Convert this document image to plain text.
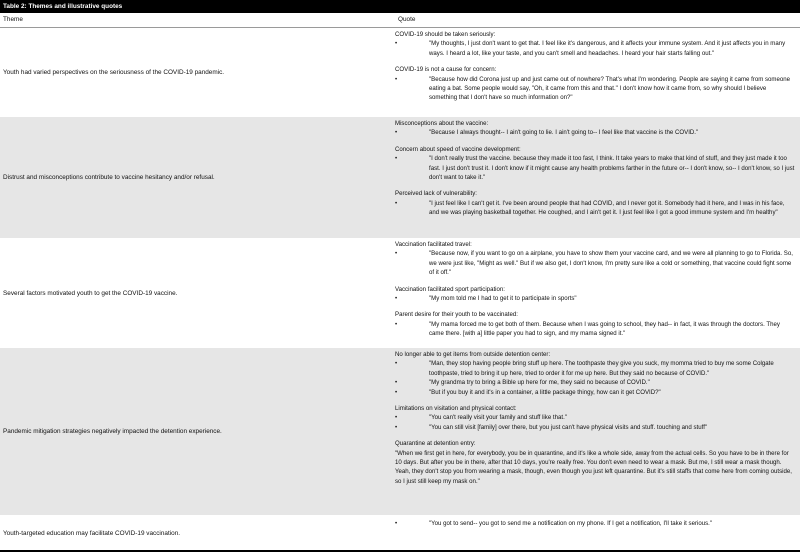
Table 2: Themes and illustrative quotes
Theme	Quote
Youth had varied perspectives on the seriousness of the COVID-19 pandemic.
COVID-19 should be taken seriously:
• "My thoughts, I just don't want to get that. I feel like it's dangerous, and it affects your immune system. And it just affects you in many ways. I heard a lot, like your taste, and you can't smell and headaches. I heard your hair starts falling out."
COVID-19 is not a cause for concern:
• "Because how did Corona just up and just came out of nowhere? That's what I'm wondering. People are saying it came from someone eating a bat. Some people would say, "Oh, it came from this and that." I don't know how it came from, so why should I believe something that I don't have so much information on?"
Distrust and misconceptions contribute to vaccine hesitancy and/or refusal.
Misconceptions about the vaccine:
• "Because I always thought-- I ain't going to lie. I ain't going to-- I feel like that vaccine is the COVID."
Concern about speed of vaccine development:
• "I don't really trust the vaccine. because they made it too fast, I think. It take years to make that kind of stuff, and they just made it too fast. I just don't trust it. I don't know if it might cause any health problems farther in the future or-- I don't know, so-- I don't know, so I just don't want to take it."
Perceived lack of vulnerability:
• "I just feel like I can't get it. I've been around people that had COVID, and I never got it. Somebody had it here, and I was in his face, and we was playing basketball together. He coughed, and I ain't get it. I just feel like I got a good immune system and I'm healthy"
Several factors motivated youth to get the COVID-19 vaccine.
Vaccination facilitated travel:
• "Because now, if you want to go on a airplane, you have to show them your vaccine card, and we were all planning to go to Florida. So, we were just like, "Might as well." But if we also get, I don't know, I'm pretty sure like a cold or something, that vaccine could fight some of it off."
Vaccination facilitated sport participation:
• "My mom told me I had to get it to participate in sports"
Parent desire for their youth to be vaccinated:
• "My mama forced me to get both of them. Because when I was going to school, they had-- in fact, it was through the doctors. They came there. [with a] little paper you had to sign, and my mama signed it."
Pandemic mitigation strategies negatively impacted the detention experience.
No longer able to get items from outside detention center:
• "Man, they stop having people bring stuff up here. The toothpaste they give you suck, my momma tried to buy me some Colgate toothpaste, tried to bring it up here, tried to order it for me up here. But they said no because of COVID."
• "My grandma try to bring a Bible up here for me, they said no because of COVID."
• "But if you buy it and it's in a container, a little package thingy, how can it get COVID?"
Limitations on visitation and physical contact:
• "You can't really visit your family and stuff like that."
• "You can still visit [family] over there, but you just can't have physical visits and stuff. touching and stuff"
Quarantine at detention entry:
"When we first get in here, for everybody, you be in quarantine, and it's like a whole side, away from the actual cells. So you have to be in there for 10 days. But after you be in there, after that 10 days, you're really free. You don't even need to wear a mask. But me, I still wear a mask though. Yeah, they don't stop you from wearing a mask, though, even though you just left quarantine. But it's still staffs that come here from coming outside, so I just still keep my mask on."
Youth-targeted education may facilitate COVID-19 vaccination.
• "You got to send-- you got to send me a notification on my phone. If I get a notification, I'll take it serious."
